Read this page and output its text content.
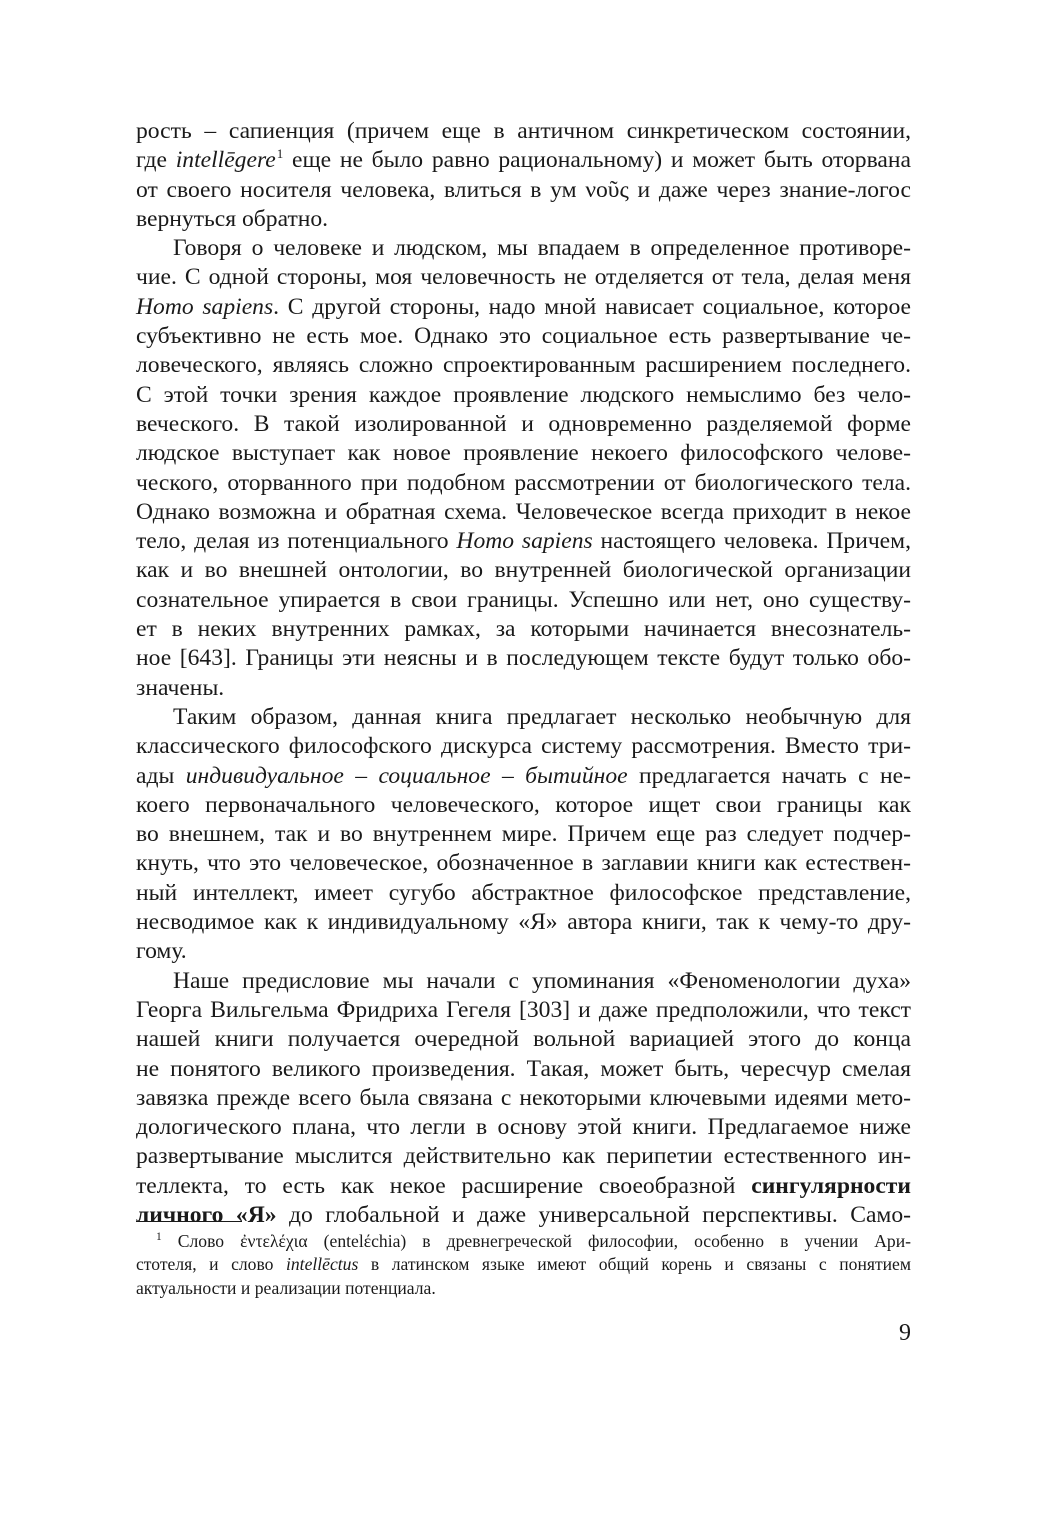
рость – сапиенция (причем еще в античном синкретическом состоянии,
где intellēgere$^1$ еще не было равно рациональному) и может быть оторвана
от своего носителя человека, влиться в ум νοῦς и даже через знание-логос
вернуться обратно.
Говоря о человеке и людском, мы впадаем в определенное противоре-
чие. С одной стороны, моя человечность не отделяется от тела, делая меня
Homo sapiens. С другой стороны, надо мной нависает социальное, которое
субъективно не есть мое. Однако это социальное есть развертывание че-
ловеческого, являясь сложно спроектированным расширением последнего.
С этой точки зрения каждое проявление людского немыслимо без чело-
веческого. В такой изолированной и одновременно разделяемой форме
людское выступает как новое проявление некоего философского челове-
ческого, оторванного при подобном рассмотрении от биологического тела.
Однако возможна и обратная схема. Человеческое всегда приходит в некое
тело, делая из потенциального Homo sapiens настоящего человека. Причем,
как и во внешней онтологии, во внутренней биологической организации
сознательное упирается в свои границы. Успешно или нет, оно существу-
ет в неких внутренних рамках, за которыми начинается внесознатель-
ное [643]. Границы эти неясны и в последующем тексте будут только обо-
значены.
Таким образом, данная книга предлагает несколько необычную для
классического философского дискурса систему рассмотрения. Вместо три-
ады индивидуальное – социальное – бытийное предлагается начать с не-
коего первоначального человеческого, которое ищет свои границы как
во внешнем, так и во внутреннем мире. Причем еще раз следует подчер-
кнуть, что это человеческое, обозначенное в заглавии книги как естествен-
ный интеллект, имеет сугубо абстрактное философское представление,
несводимое как к индивидуальному «Я» автора книги, так к чему-то дру-
гому.
Наше предисловие мы начали с упоминания «Феноменологии духа»
Георга Вильгельма Фридриха Гегеля [303] и даже предположили, что текст
нашей книги получается очередной вольной вариацией этого до конца
не понятого великого произведения. Такая, может быть, чересчур смелая
завязка прежде всего была связана с некоторыми ключевыми идеями мето-
дологического плана, что легли в основу этой книги. Предлагаемое ниже
развертывание мыслится действительно как перипетии естественного ин-
теллекта, то есть как некое расширение своеобразной сингулярности
личного «Я» до глобальной и даже универсальной перспективы. Само-
$^1$ Слово ἐντελέχια (entelέchia) в древнегреческой философии, особенно в учении Ари-
стотеля, и слово intellēctus в латинском языке имеют общий корень и связаны с понятием
актуальности и реализации потенциала.
9
